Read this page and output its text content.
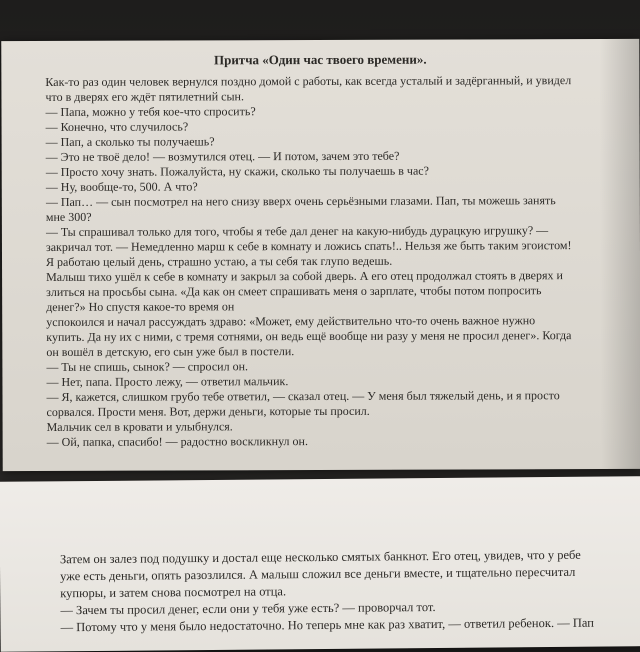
Притча «Один час твоего времени».
Как-то раз один человек вернулся поздно домой с работы, как всегда усталый и задёрганный, и увидел
что в дверях его ждёт пятилетний сын.
— Папа, можно у тебя кое-что спросить?
— Конечно, что случилось?
— Пап, а сколько ты получаешь?
— Это не твоё дело! — возмутился отец. — И потом, зачем это тебе?
— Просто хочу знать. Пожалуйста, ну скажи, сколько ты получаешь в час?
— Ну, вообще-то, 500. А что?
— Пап… — сын посмотрел на него снизу вверх очень серьёзными глазами. Пап, ты можешь занять
мне 300?
— Ты спрашивал только для того, чтобы я тебе дал денег на какую-нибудь дурацкую игрушку? —
закричал тот. — Немедленно марш к себе в комнату и ложись спать!.. Нельзя же быть таким эгоистом!
Я работаю целый день, страшно устаю, а ты себя так глупо ведешь.
Малыш тихо ушёл к себе в комнату и закрыл за собой дверь. А его отец продолжал стоять в дверях и
злиться на просьбы сына. «Да как он смеет спрашивать меня о зарплате, чтобы потом попросить
денег?» Но спустя какое-то время он
успокоился и начал рассуждать здраво: «Может, ему действительно что-то очень важное нужно
купить. Да ну их с ними, с тремя сотнями, он ведь ещё вообще ни разу у меня не просил денег». Когда
он вошёл в детскую, его сын уже был в постели.
— Ты не спишь, сынок? — спросил он.
— Нет, папа. Просто лежу, — ответил мальчик.
— Я, кажется, слишком грубо тебе ответил, — сказал отец. — У меня был тяжелый день, и я просто
сорвался. Прости меня. Вот, держи деньги, которые ты просил.
Мальчик сел в кровати и улыбнулся.
— Ой, папка, спасибо! — радостно воскликнул он.
Затем он залез под подушку и достал еще несколько смятых банкнот. Его отец, увидев, что у ребе
уже есть деньги, опять разозлился. А малыш сложил все деньги вместе, и тщательно пересчитал
купюры, и затем снова посмотрел на отца.
— Зачем ты просил денег, если они у тебя уже есть? — проворчал тот.
— Потому что у меня было недостаточно. Но теперь мне как раз хватит, — ответил ребенок. — Пап
